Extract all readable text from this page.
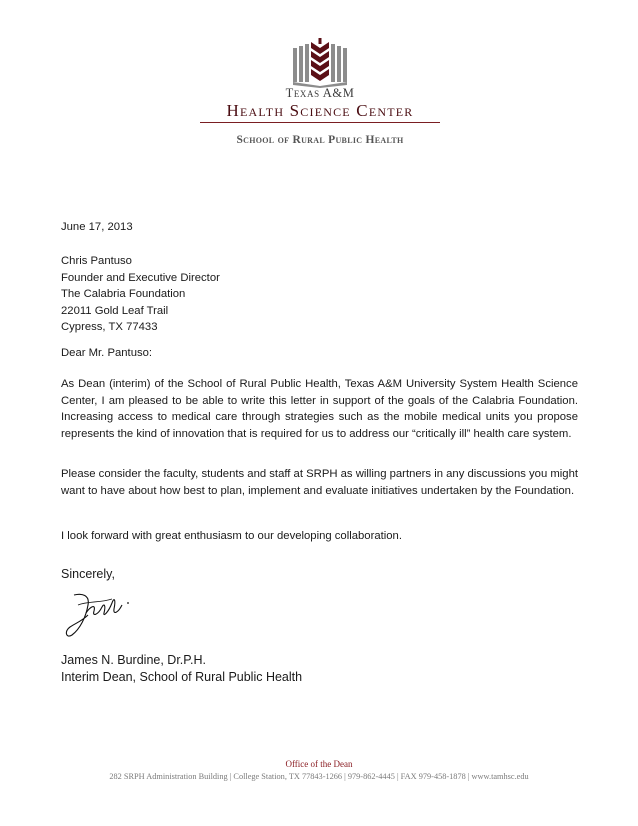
Texas A&M
Health Science Center
School of Rural Public Health
June 17, 2013
Chris Pantuso
Founder and Executive Director
The Calabria Foundation
22011 Gold Leaf Trail
Cypress, TX 77433
Dear Mr. Pantuso:
As Dean (interim) of the School of Rural Public Health, Texas A&M University System Health Science Center, I am pleased to be able to write this letter in support of the goals of the Calabria Foundation. Increasing access to medical care through strategies such as the mobile medical units you propose represents the kind of innovation that is required for us to address our “critically ill” health care system.
Please consider the faculty, students and staff at SRPH as willing partners in any discussions you might want to have about how best to plan, implement and evaluate initiatives undertaken by the Foundation.
I look forward with great enthusiasm to our developing collaboration.
Sincerely,
James N. Burdine, Dr.P.H.
Interim Dean, School of Rural Public Health
Office of the Dean
282 SRPH Administration Building | College Station, TX 77843-1266 | 979-862-4445 | FAX 979-458-1878 | www.tamhsc.edu
